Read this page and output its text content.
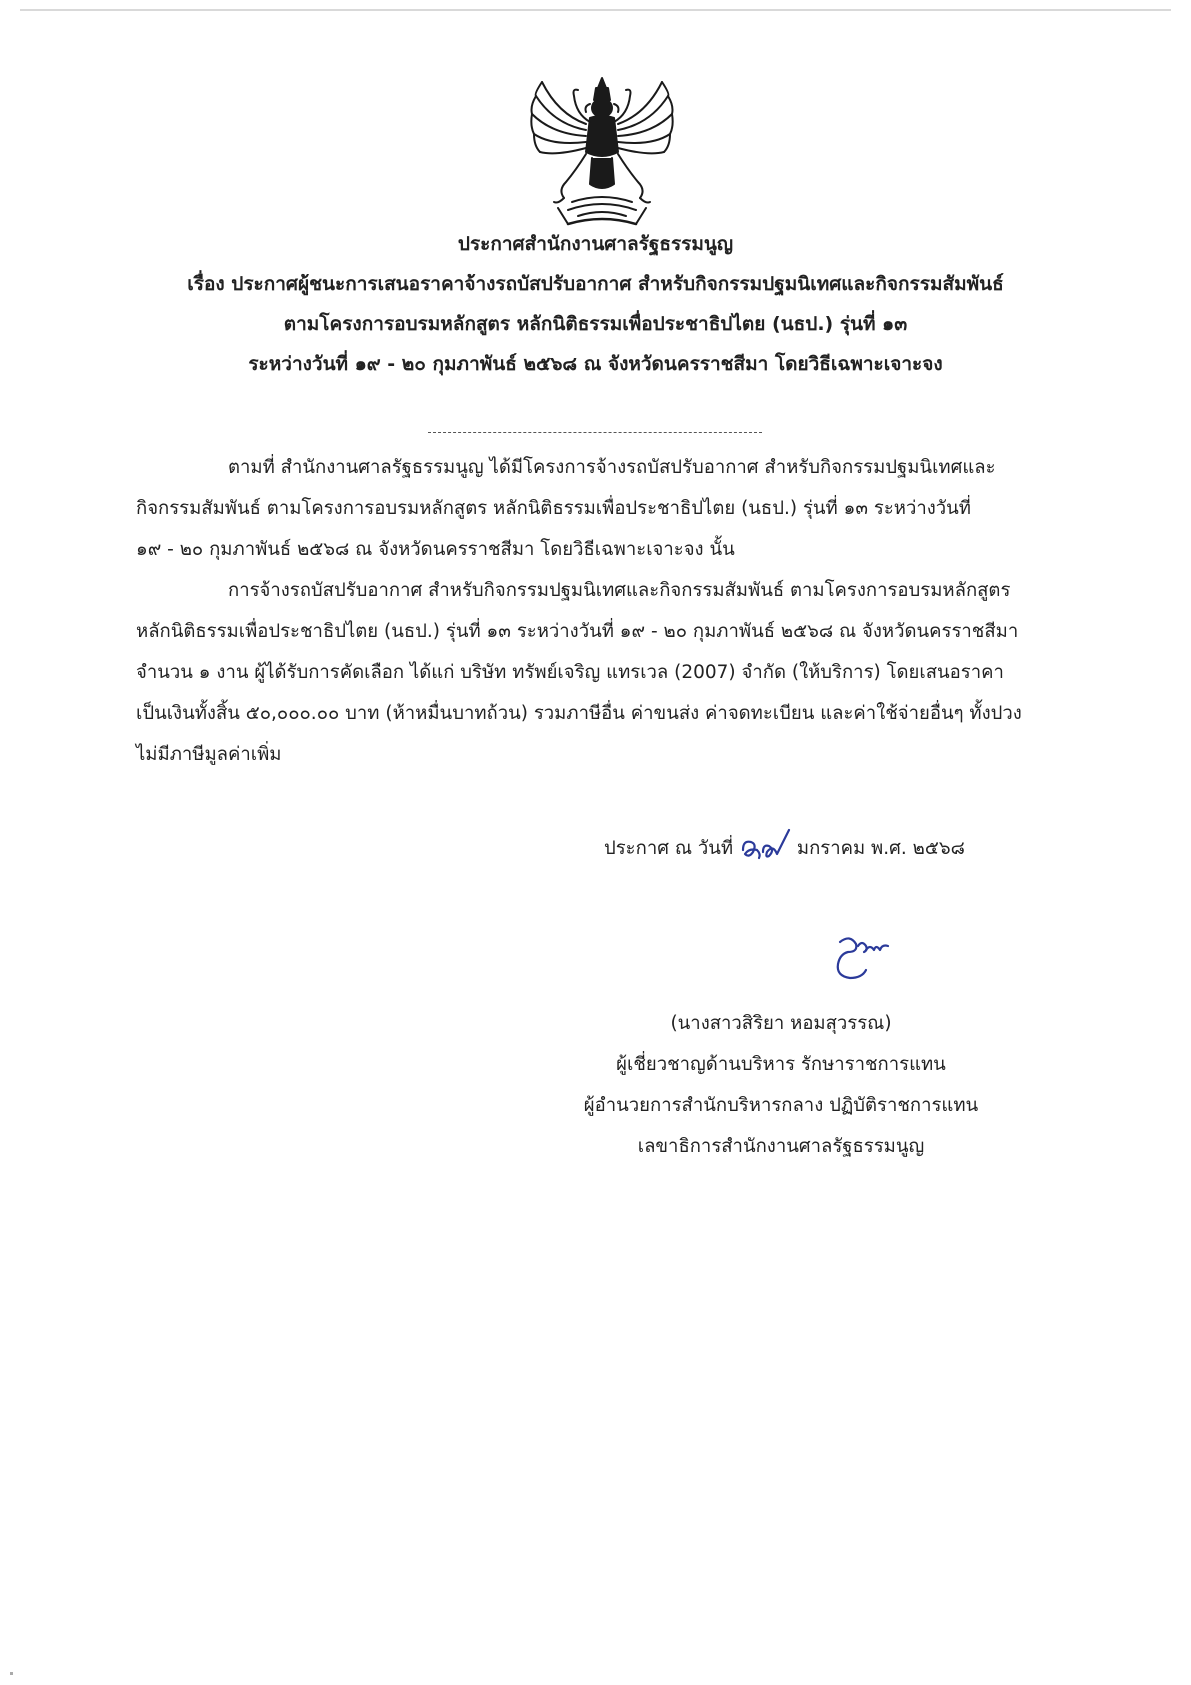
ประกาศสำนักงานศาลรัฐธรรมนูญ
เรื่อง ประกาศผู้ชนะการเสนอราคาจ้างรถบัสปรับอากาศ สำหรับกิจกรรมปฐมนิเทศและกิจกรรมสัมพันธ์
ตามโครงการอบรมหลักสูตร หลักนิติธรรมเพื่อประชาธิปไตย (นธป.) รุ่นที่ ๑๓
ระหว่างวันที่ ๑๙ - ๒๐ กุมภาพันธ์ ๒๕๖๘ ณ จังหวัดนครราชสีมา โดยวิธีเฉพาะเจาะจง
ตามที่ สำนักงานศาลรัฐธรรมนูญ ได้มีโครงการจ้างรถบัสปรับอากาศ สำหรับกิจกรรมปฐมนิเทศและ
กิจกรรมสัมพันธ์ ตามโครงการอบรมหลักสูตร หลักนิติธรรมเพื่อประชาธิปไตย (นธป.) รุ่นที่ ๑๓ ระหว่างวันที่
๑๙ - ๒๐ กุมภาพันธ์ ๒๕๖๘ ณ จังหวัดนครราชสีมา โดยวิธีเฉพาะเจาะจง นั้น
การจ้างรถบัสปรับอากาศ สำหรับกิจกรรมปฐมนิเทศและกิจกรรมสัมพันธ์ ตามโครงการอบรมหลักสูตร
หลักนิติธรรมเพื่อประชาธิปไตย (นธป.) รุ่นที่ ๑๓ ระหว่างวันที่ ๑๙ - ๒๐ กุมภาพันธ์ ๒๕๖๘ ณ จังหวัดนครราชสีมา
จำนวน ๑ งาน ผู้ได้รับการคัดเลือก ได้แก่ บริษัท ทรัพย์เจริญ แทรเวล (2007) จำกัด (ให้บริการ) โดยเสนอราคา
เป็นเงินทั้งสิ้น ๕๐,๐๐๐.๐๐ บาท (ห้าหมื่นบาทถ้วน) รวมภาษีอื่น ค่าขนส่ง ค่าจดทะเบียน และค่าใช้จ่ายอื่นๆ ทั้งปวง
ไม่มีภาษีมูลค่าเพิ่ม
ประกาศ ณ วันที่	มกราคม พ.ศ. ๒๕๖๘
(นางสาวสิริยา หอมสุวรรณ)
ผู้เชี่ยวชาญด้านบริหาร รักษาราชการแทน
ผู้อำนวยการสำนักบริหารกลาง ปฏิบัติราชการแทน
เลขาธิการสำนักงานศาลรัฐธรรมนูญ
